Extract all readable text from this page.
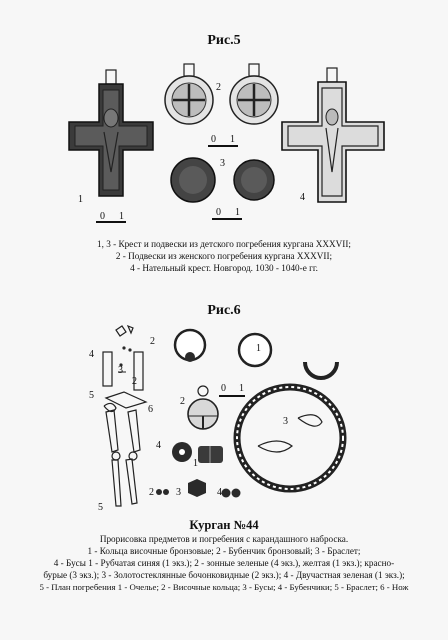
Рис.5
1
2
3
4
0 1
0 1
0 1
1, 3 - Крест и подвески из детского погребения кургана XXXVII;
2 - Подвески из женского погребения кургана XXXVII;
4 - Нательный крест. Новгород. 1030 - 1040-е гг.
Рис.6
1
2
3
4
1
2 3	4
0 1
2
4
3
2
5
6
5
Курган №44
Прорисовка предметов и погребения с карандашного наброска.
1 - Кольца височные бронзовые; 2 - Бубенчик бронзовый; 3 - Браслет;
4 - Бусы 1 - Рубчатая синяя (1 экз.); 2 - зонные зеленые (4 экз.), желтая (1 экз.); красно-
бурые (3 экз.); 3 - Золотостеклянные бочонковидные (2 экз.); 4 - Двучастная зеленая (1 экз.);
5 - План погребения 1 - Очелье; 2 - Височные кольца; 3 - Бусы; 4 - Бубенчики; 5 - Браслет; 6 - Нож
